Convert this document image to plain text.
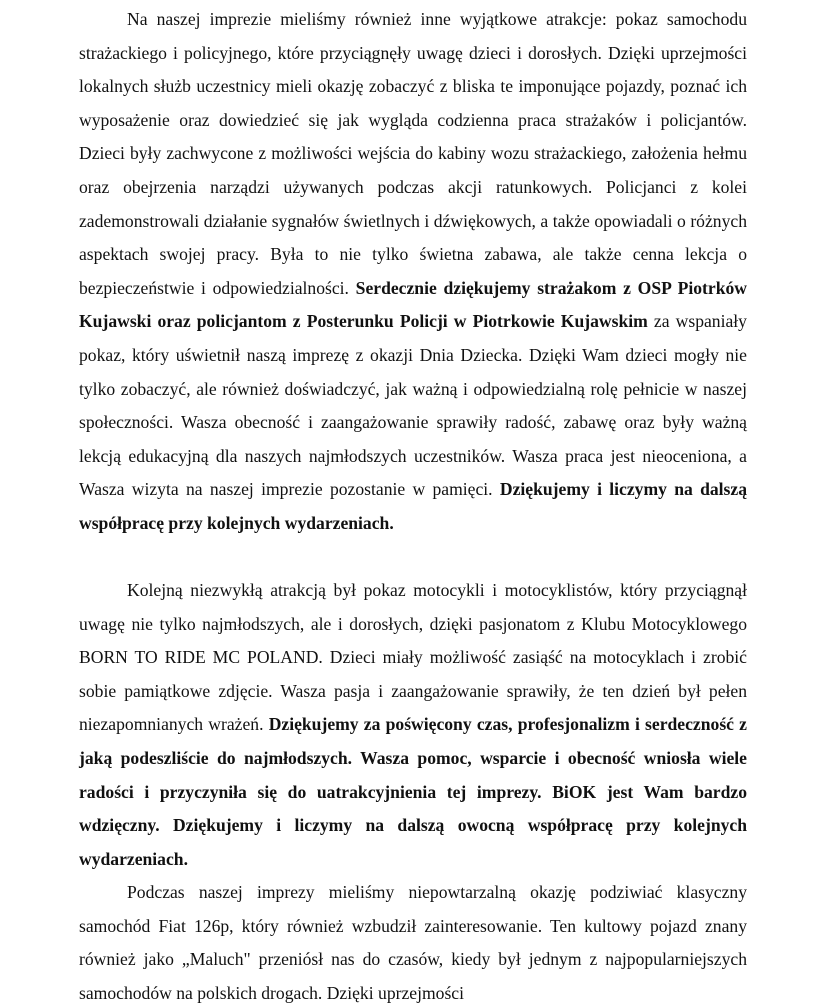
Na naszej imprezie mieliśmy również inne wyjątkowe atrakcje: pokaz samochodu strażackiego i policyjnego, które przyciągnęły uwagę dzieci i dorosłych. Dzięki uprzejmości lokalnych służb uczestnicy mieli okazję zobaczyć z bliska te imponujące pojazdy, poznać ich wyposażenie oraz dowiedzieć się jak wygląda codzienna praca strażaków i policjantów. Dzieci były zachwycone z możliwości wejścia do kabiny wozu strażackiego, założenia hełmu oraz obejrzenia narządzi używanych podczas akcji ratunkowych. Policjanci z kolei zademonstrowali działanie sygnałów świetlnych i dźwiękowych, a także opowiadali o różnych aspektach swojej pracy. Była to nie tylko świetna zabawa, ale także cenna lekcja o bezpieczeństwie i odpowiedzialności. Serdecznie dziękujemy strażakom z OSP Piotrków Kujawski oraz policjantom z Posterunku Policji w Piotrkowie Kujawskim za wspaniały pokaz, który uświetnił naszą imprezę z okazji Dnia Dziecka. Dzięki Wam dzieci mogły nie tylko zobaczyć, ale również doświadczyć, jak ważną i odpowiedzialną rolę pełnicie w naszej społeczności. Wasza obecność i zaangażowanie sprawiły radość, zabawę oraz były ważną lekcją edukacyjną dla naszych najmłodszych uczestników. Wasza praca jest nieoceniona, a Wasza wizyta na naszej imprezie pozostanie w pamięci. Dziękujemy i liczymy na dalszą współpracę przy kolejnych wydarzeniach.

Kolejną niezwykłą atrakcją był pokaz motocykli i motocyklistów, który przyciągnął uwagę nie tylko najmłodszych, ale i dorosłych, dzięki pasjonatom z Klubu Motocyklowego BORN TO RIDE MC POLAND. Dzieci miały możliwość zasiąść na motocyklach i zrobić sobie pamiątkowe zdjęcie. Wasza pasja i zaangażowanie sprawiły, że ten dzień był pełen niezapomnianych wrażeń. Dziękujemy za poświęcony czas, profesjonalizm i serdeczność z jaką podeszliście do najmłodszych. Wasza pomoc, wsparcie i obecność wniosła wiele radości i przyczyniła się do uatrakcyjnienia tej imprezy. BiOK jest Wam bardzo wdzięczny. Dziękujemy i liczymy na dalszą owocną współpracę przy kolejnych wydarzeniach.

Podczas naszej imprezy mieliśmy niepowtarzalną okazję podziwiać klasyczny samochód Fiat 126p, który również wzbudził zainteresowanie. Ten kultowy pojazd znany również jako „Maluch" przeniósł nas do czasów, kiedy był jednym z najpopularniejszych samochodów na polskich drogach. Dzięki uprzejmości
